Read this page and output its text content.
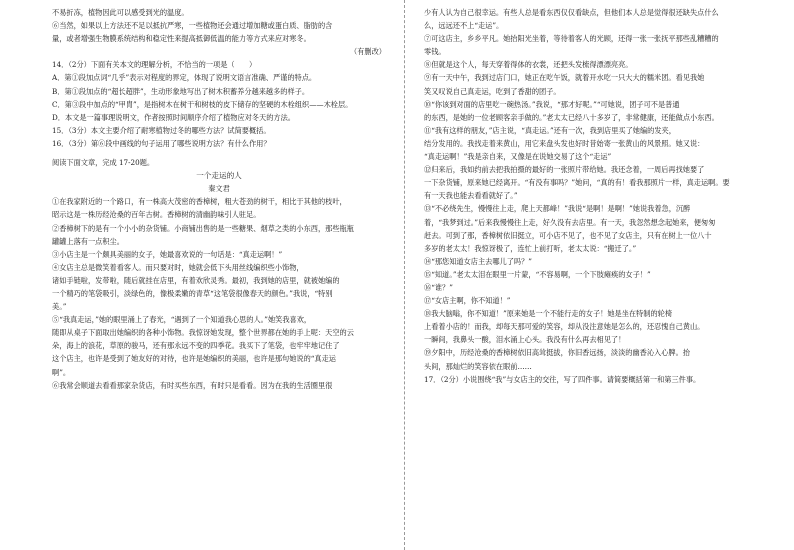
不易折冻，植物因此可以感受到光的温度。
⑥当然，如果以上方法还不足以抵抗严寒，一些植物还会通过增加糖或蛋白质、脂肪的含
量，或者增强生物膜系统结构和稳定性来提高抵御低温的能力等方式来应对寒冬。
（有删改）
14．（2分）下面有关本文的理解分析，不恰当的一项是（　　）
A．第①段加点词“几乎”表示对程度的界定，体现了说明文语言准确、严谨的特点。
B．第①段加点的“超长超胖”，生动形象地写出了树木积蓄养分越来越多的样子。
C．第③段中加点的“甲胄”，是指树木在树干和树枝的皮下储存的坚硬的木栓组织——木栓层。
D．本文是一篇事理说明文，作者按照时间顺序介绍了植物应对冬天的方法。
15．（3分）本文主要介绍了耐寒植物过冬的哪些方法？试简要概括。
16．（3分）第⑥段中画线的句子运用了哪些说明方法？有什么作用？
阅读下面文章，完成 17-20题。
一个走运的人
秦文君
①在我家附近的一个路口，有一株高大茂密的香樟树，粗大苍劲的树干，相比于其他的枝叶，
昭示这是一株历经沧桑的百年古树。香樟树的清幽韵味引人驻足。
②香樟树下的是有一个小小的杂货铺。小商铺出售的是一些糖果、烟草之类的小东西，那些瓶瓶
罐罐上落有一点积尘。
③小店主是一个颇具美丽的女子，她最喜欢说的一句话是：“真走运啊！”
④女店主总是微笑着看客人。而只要对时，她就会低下头用丝线编织些小饰物，
诸如手链啦，发带啦，随后就挂在店里，有着欢欣灵秀。最初，我到她的店里，就被她编的
一个精巧的笔袋吸引，淡绿色的，像极柔嫩的青草“这笔袋很像春天的颜色。”我说，“特别
美。”
⑤“我真走运，”她的眼里涌上了春光，“遇到了一个知道我心思的人。”她笑我喜欢，
随即从桌子下面取出她编织的各种小饰物。我惊讶她发现，整个世界都在她的手上呢：天空的云
朵，海上的浪花，草原的骏马，还有那永远不变的四季花。我买下了笔袋，也牢牢地记住了
这个店主，也许是受到了她友好的对待，也许是她编织的美丽，也许是那句她说的“真走运
啊”。
⑥我常会顺道去看看那家杂货店，有时买些东西，有时只是看看。因为在我的生活圈里很
少有人认为自己很幸运。有些人总是看东西仅仅看缺点，但他们本人总是觉得很还缺失点什么
么，远远还不上“走运”。
⑦可这店主，乡乡平凡。她抬阳光坐着，等待着客人的光顾，还得一张一张抚平那些乱糟糟的
零钱。
⑧但就是这个人，每天穿着得体的衣裳，还把头发梳得漂漂亮亮。
⑨有一天中午，我到过店门口，她正在吃午饭，就着开水吃一只大大的糯米团。看见我她
笑又叹说自己真走运，吃到了香甜的团子。
⑩“你该到对面的店里吃一碗热汤。”我说，“那才好呢。”“可她说，团子可不是普通
的东西，是她的一位老顾客亲手做的。”老太太已经八十多岁了，非常健康，还能做点小东西。
⑪“我有这样的朋友，”店主说，“真走运。”还有一次，我到店里买了她编的发夹，
结分发用的。我找走着来黄山，用它来盘头发也好时昔始寄一张黄山的风景照。她又说：
“真走运啊！”我是亲自来，又像是在说她交易了这个“走运”
⑫归来后，我如约前去把我拍摄的最好的一张照片带给她。我还念着，一周后再找她要了
一下杂货铺，原来她已经离开。“有没有事吗？”她问，“真的有！看我那照片一样，真走运啊。要
有一天我也能去看看就好了。”
⑬“不必绕先生，慢慢往上走，爬上天都峰！”我说“是啊！是啊！”她说我着急，沉醉
着，“我梦到过。”后来我慢慢往上走，好久没有去店里。有一天，我忽然想念起她来，便匆匆
赶去。可到了那，香樟树依旧挺立，可小店不见了，也不见了女店主，只有在树上一位八十
多岁的老太太！我惊讶极了，连忙上前打听，老太太说：“搬迁了。”
⑭“那您知道女店主去哪儿了吗？”
⑮“知道。”老太太泪在眼里一片蒙，“不容易啊，一个下肢瘫痪的女子！”
⑯“谁？”
⑰“女店主啊，你不知道！”
⑱我大脑嗡，你不知道！”原来她是一个不能行走的女子！她是坐在特制的轮椅
上看着小店的！而我，却每天那可爱的笑容，却从没注意她是怎么的，还忍愧自己黄山。
一瞬间，我鼻头一酸，泪水涌上心头。我没有什么再去相见了！
⑲夕阳中，历经沧桑的香樟树依旧高耸挺拔，你旧香远扬，淡淡的幽香沁入心脾。抬
头间，那灿烂的笑容依在眼前……
17．（2分）小说围绕“我”与女店主的交往，写了四件事。请简要概括第一和第三件事。
